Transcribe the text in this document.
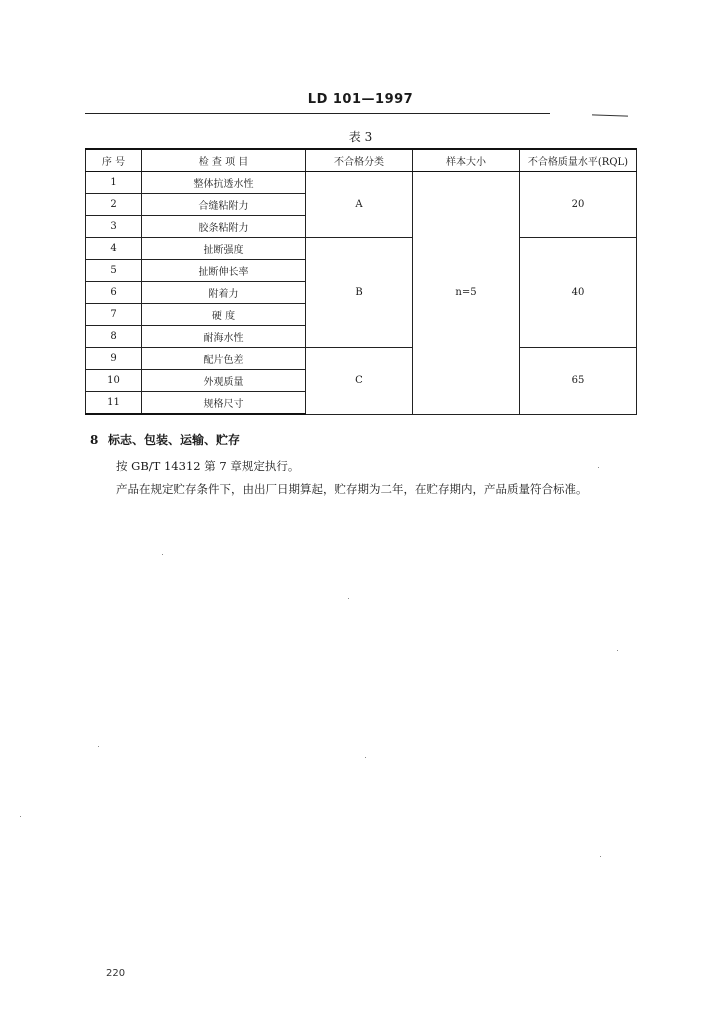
LD 101—1997
表 3
序 号	检 查 项 目	不合格分类	样本大小	不合格质量水平(RQL)
1	整体抗透水性	A	n=5	20
2	合缝粘附力			
3	胶条粘附力			
4	扯断强度	B		40
5	扯断伸长率			
6	附着力			
7	硬 度			
8	耐海水性			
9	配片色差	C		65
10	外观质量			
11	规格尺寸			
8 标志、包装、运输、贮存
按 GB/T 14312 第 7 章规定执行。
产品在规定贮存条件下，由出厂日期算起，贮存期为二年，在贮存期内，产品质量符合标准。
220
